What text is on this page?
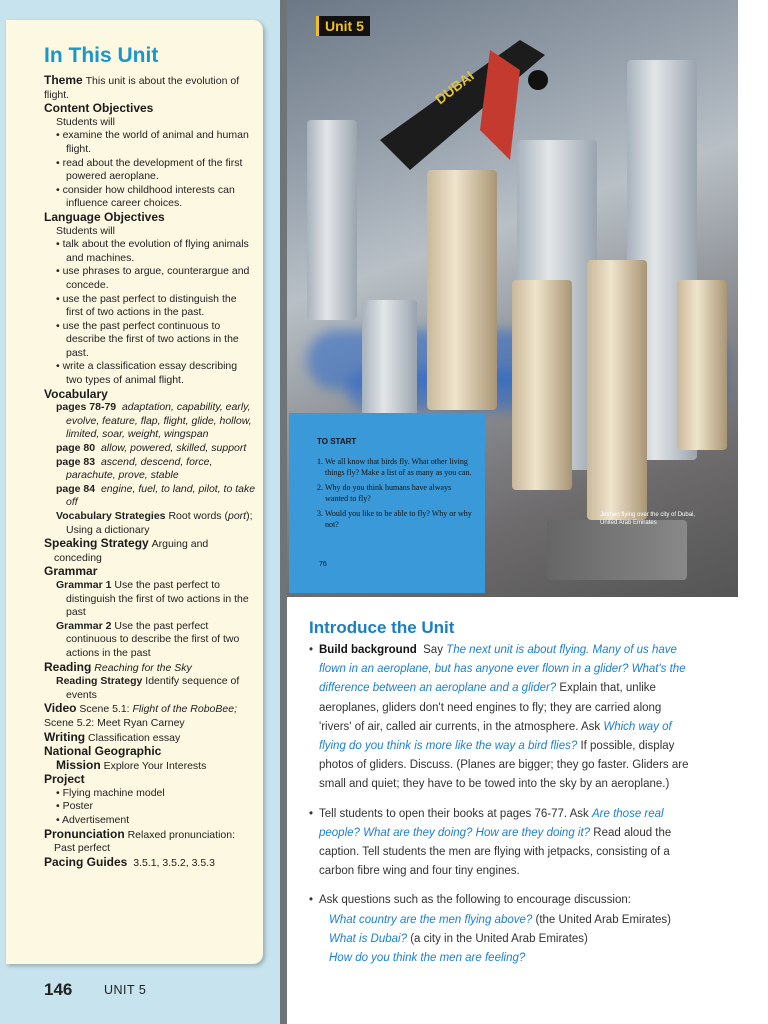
In This Unit
Theme This unit is about the evolution of flight.
Content Objectives
Students will
• examine the world of animal and human flight.
• read about the development of the first powered aeroplane.
• consider how childhood interests can influence career choices.
Language Objectives
Students will
• talk about the evolution of flying animals and machines.
• use phrases to argue, counterargue and concede.
• use the past perfect to distinguish the first of two actions in the past.
• use the past perfect continuous to describe the first of two actions in the past.
• write a classification essay describing two types of animal flight.
Vocabulary
pages 78-79 adaptation, capability, early, evolve, feature, flap, flight, glide, hollow, limited, soar, weight, wingspan
page 80 allow, powered, skilled, support
page 83 ascend, descend, force, parachute, prove, stable
page 84 engine, fuel, to land, pilot, to take off
Vocabulary Strategies Root words (port); Using a dictionary
Speaking Strategy Arguing and conceding
Grammar
Grammar 1 Use the past perfect to distinguish the first of two actions in the past
Grammar 2 Use the past perfect continuous to describe the first of two actions in the past
Reading Reaching for the Sky
Reading Strategy Identify sequence of events
Video Scene 5.1: Flight of the RoboBee;
Scene 5.2: Meet Ryan Carney
Writing Classification essay
National Geographic
Mission Explore Your Interests
Project
• Flying machine model
• Poster
• Advertisement
Pronunciation Relaxed pronunciation: Past perfect
Pacing Guides 3.5.1, 3.5.2, 3.5.3
146	UNIT 5
DUBAI
Unit 5
Jetmen flying over the city of Dubai, United Arab Emirates
TO START
1. We all know that birds fly. What other living things fly? Make a list of as many as you can.
2. Why do you think humans have always wanted to fly?
3. Would you like to be able to fly? Why or why not?
76
Introduce the Unit
• Build background Say The next unit is about flying. Many of us have flown in an aeroplane, but has anyone ever flown in a glider? What's the difference between an aeroplane and a glider? Explain that, unlike aeroplanes, gliders don't need engines to fly; they are carried along 'rivers' of air, called air currents, in the atmosphere. Ask Which way of flying do you think is more like the way a bird flies? If possible, display photos of gliders. Discuss. (Planes are bigger; they go faster. Gliders are small and quiet; they have to be towed into the sky by an aeroplane.)
• Tell students to open their books at pages 76-77. Ask Are those real people? What are they doing? How are they doing it? Read aloud the caption. Tell students the men are flying with jetpacks, consisting of a carbon fibre wing and four tiny engines.
• Ask questions such as the following to encourage discussion:
What country are the men flying above? (the United Arab Emirates)
What is Dubai? (a city in the United Arab Emirates)
How do you think the men are feeling?
